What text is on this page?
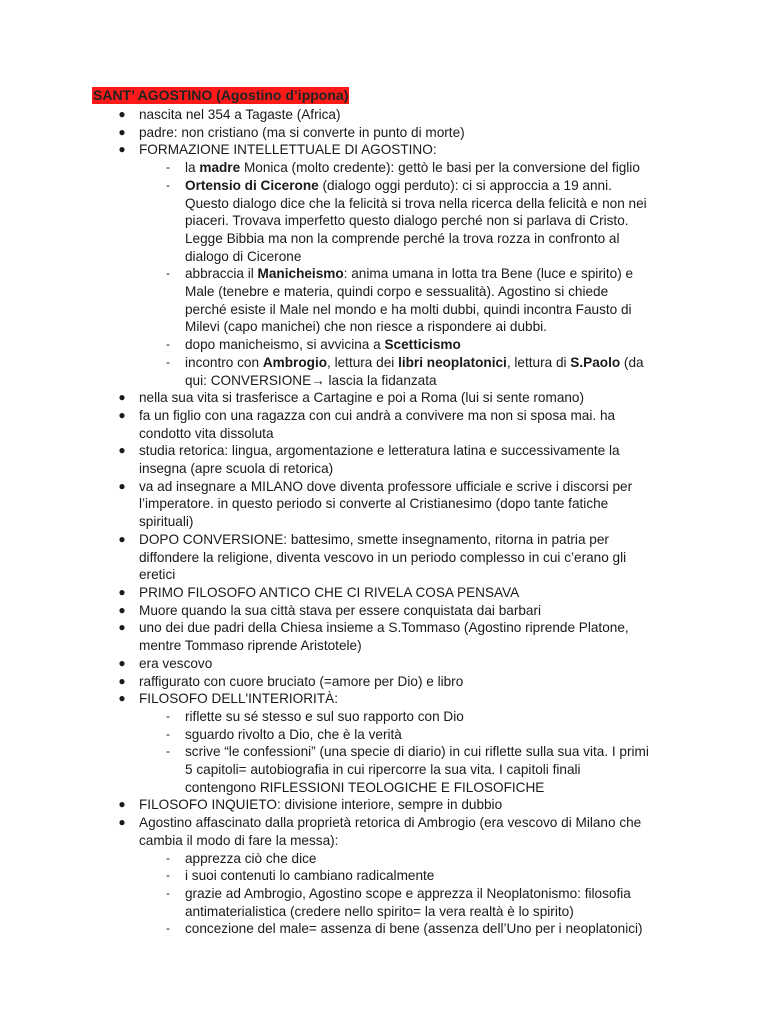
SANT’ AGOSTINO (Agostino d’ippona)
● nascita nel 354 a Tagaste (Africa)
● padre: non cristiano (ma si converte in punto di morte)
● FORMAZIONE INTELLETTUALE DI AGOSTINO:
-	la madre Monica (molto credente): gettò le basi per la conversione del figlio
-	Ortensio di Cicerone (dialogo oggi perduto): ci si approccia a 19 anni.
Questo dialogo dice che la felicità si trova nella ricerca della felicità e non nei
piaceri. Trovava imperfetto questo dialogo perché non si parlava di Cristo.
Legge Bibbia ma non la comprende perché la trova rozza in confronto al
dialogo di Cicerone
-	abbraccia il Manicheismo: anima umana in lotta tra Bene (luce e spirito) e
Male (tenebre e materia, quindi corpo e sessualità). Agostino si chiede
perché esiste il Male nel mondo e ha molti dubbi, quindi incontra Fausto di
Milevi (capo manichei) che non riesce a rispondere ai dubbi.
-	dopo manicheismo, si avvicina a Scetticismo
-	incontro con Ambrogio, lettura dei libri neoplatonici, lettura di S.Paolo (da
qui: CONVERSIONE→ lascia la fidanzata
● nella sua vita si trasferisce a Cartagine e poi a Roma (lui si sente romano)
● fa un figlio con una ragazza con cui andrà a convivere ma non si sposa mai. ha
condotto vita dissoluta
● studia retorica: lingua, argomentazione e letteratura latina e successivamente la
insegna (apre scuola di retorica)
● va ad insegnare a MILANO dove diventa professore ufficiale e scrive i discorsi per
l’imperatore. in questo periodo si converte al Cristianesimo (dopo tante fatiche
spirituali)
● DOPO CONVERSIONE: battesimo, smette insegnamento, ritorna in patria per
diffondere la religione, diventa vescovo in un periodo complesso in cui c’erano gli
eretici
● PRIMO FILOSOFO ANTICO CHE CI RIVELA COSA PENSAVA
● Muore quando la sua città stava per essere conquistata dai barbari
● uno dei due padri della Chiesa insieme a S.Tommaso (Agostino riprende Platone,
mentre Tommaso riprende Aristotele)
● era vescovo
● raffigurato con cuore bruciato (=amore per Dio) e libro
● FILOSOFO DELL'INTERIORITÀ:
-	riflette su sé stesso e sul suo rapporto con Dio
-	sguardo rivolto a Dio, che è la verità
-	scrive “le confessioni” (una specie di diario) in cui riflette sulla sua vita. I primi
5 capitoli= autobiografia in cui ripercorre la sua vita. I capitoli finali
contengono RIFLESSIONI TEOLOGICHE E FILOSOFICHE
● FILOSOFO INQUIETO: divisione interiore, sempre in dubbio
● Agostino affascinato dalla proprietà retorica di Ambrogio (era vescovo di Milano che
cambia il modo di fare la messa):
-	apprezza ciò che dice
-	i suoi contenuti lo cambiano radicalmente
-	grazie ad Ambrogio, Agostino scope e apprezza il Neoplatonismo: filosofia
antimaterialistica (credere nello spirito= la vera realtà è lo spirito)
-	concezione del male= assenza di bene (assenza dell’Uno per i neoplatonici)
